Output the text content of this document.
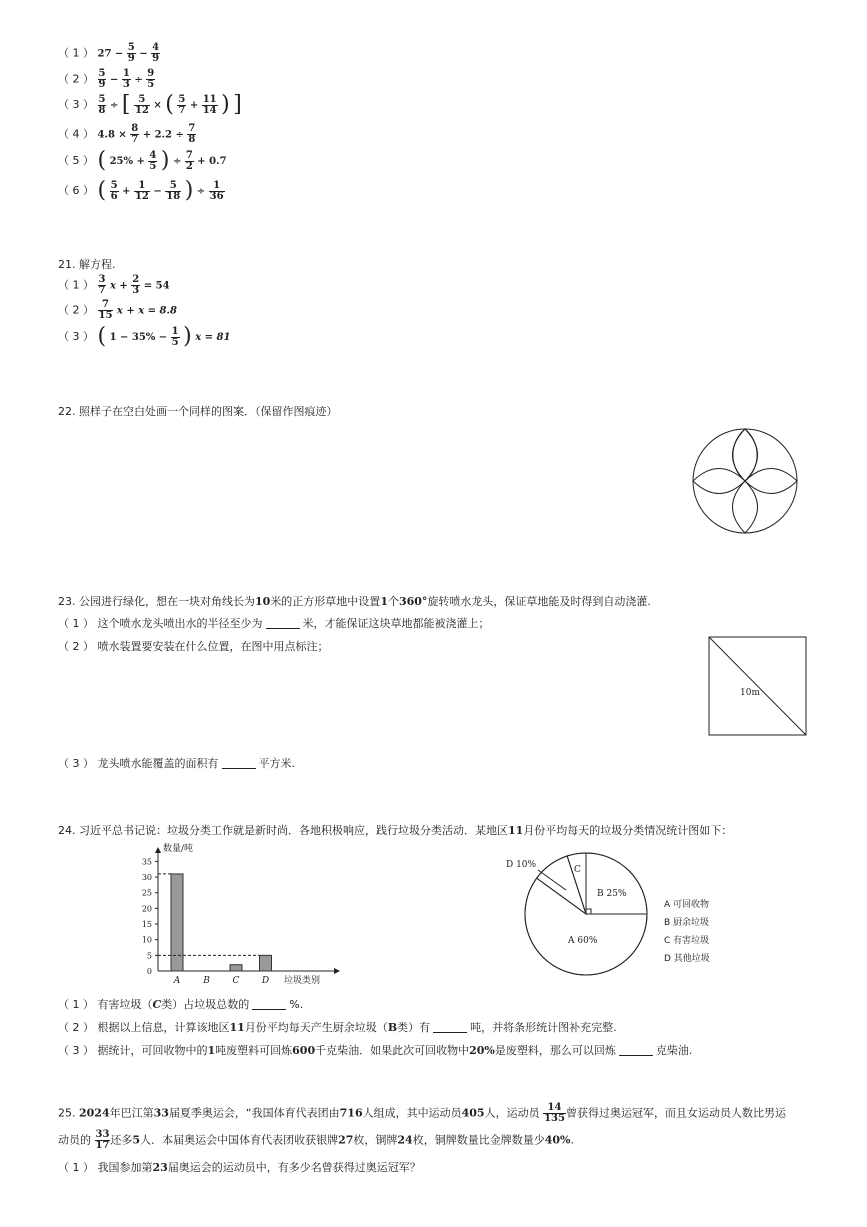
（ 1 ） $27 - \frac{5}{9} - \frac{4}{9}$
（ 2 ） $\frac{5}{9} - \frac{1}{3} \div \frac{9}{5}$
（ 3 ） $\frac{5}{8}$ ÷ [ $\frac{5}{12}$ × ( $\frac{5}{7} + \frac{11}{14}$ ) ]
（ 4 ） $4.8 \times \frac{8}{7} + 2.2 \div \frac{7}{8}$
（ 5 ） ( $25\% + \frac{4}{5}$ ) ÷ $\frac{7}{2} + 0.7$
（ 6 ） ( $\frac{5}{6} + \frac{1}{12} - \frac{5}{18}$ ) ÷ $\frac{1}{36}$
21. 解方程.
（ 1 ） $\frac{3}{7}$ $x + \frac{2}{3} = 54$
（ 2 ） $\frac{7}{15}$ x + x = 8.8
（ 3 ） ( $1 - 35\% - \frac{1}{5}$ ) x = 81
22. 照样子在空白处画一个同样的图案．（保留作图痕迹）
23. 公园进行绿化，想在一块对角线长为10米的正方形草地中设置1个360°旋转喷水龙头，保证草地能及时得到自动浇灌.
（ 1 ） 这个喷水龙头喷出水的半径至少为	米，才能保证这块草地都能被浇灌上；
（ 2 ） 喷水装置要安装在什么位置，在图中用点标注；
10m
（ 3 ） 龙头喷水能覆盖的面积有	平方米.
24. 习近平总书记说：垃圾分类工作就是新时尚．各地积极响应，践行垃圾分类活动．某地区11月份平均每天的垃圾分类情况统计图如下：
数量/吨
垃圾类别
0
5
10
15
20
25
30
35
A	B	C D
A 60%
B 25%
C
D 10%
A 可回收物
B 厨余垃圾
C 有害垃圾
D 其他垃圾
（ 1 ） 有害垃圾（C类）占垃圾总数的	%.
（ 2 ） 根据以上信息，计算该地区11月份平均每天产生厨余垃圾（B类）有	吨，并将条形统计图补充完整.
（ 3 ） 据统计，可回收物中的1吨废塑料可回炼600千克柴油．如果此次可回收物中20%是废塑料，那么可以回炼	克柴油.
25. 2024年巴江第33届夏季奥运会，“我国体育代表团由716人组成，其中运动员405人，运动员 $\frac{14}{135}$ 曾获得过奥运冠军，而且女运动员人数比男运
动员的 $\frac{33}{17}$ 还多5人．本届奥运会中国体育代表团收获银牌27枚，铜牌24枚，铜牌数量比金牌数量少40%.
（ 1 ） 我国参加第23届奥运会的运动员中，有多少名曾获得过奥运冠军？
